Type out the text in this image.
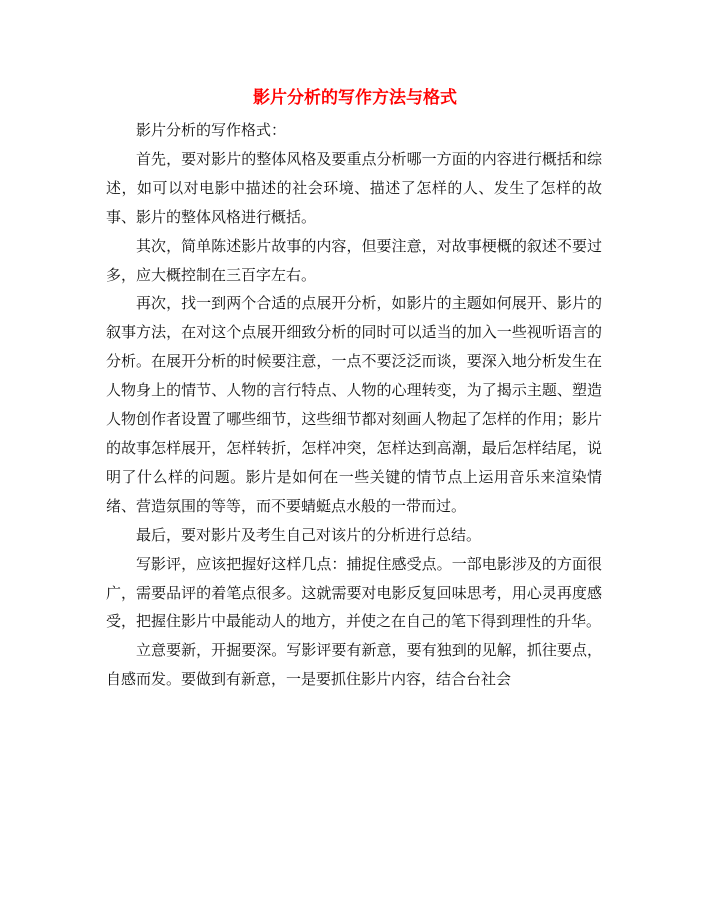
影片分析的写作方法与格式

影片分析的写作格式：

首先，要对影片的整体风格及要重点分析哪一方面的内容进行概括和综述，如可以对电影中描述的社会环境、描述了怎样的人、发生了怎样的故事、影片的整体风格进行概括。

其次，简单陈述影片故事的内容，但要注意，对故事梗概的叙述不要过多，应大概控制在三百字左右。

再次，找一到两个合适的点展开分析，如影片的主题如何展开、影片的叙事方法，在对这个点展开细致分析的同时可以适当的加入一些视听语言的分析。在展开分析的时候要注意，一点不要泛泛而谈，要深入地分析发生在人物身上的情节、人物的言行特点、人物的心理转变，为了揭示主题、塑造人物创作者设置了哪些细节，这些细节都对刻画人物起了怎样的作用；影片的故事怎样展开，怎样转折，怎样冲突，怎样达到高潮，最后怎样结尾，说明了什么样的问题。影片是如何在一些关键的情节点上运用音乐来渲染情绪、营造氛围的等等，而不要蜻蜓点水般的一带而过。

最后，要对影片及考生自己对该片的分析进行总结。

写影评，应该把握好这样几点：捕捉住感受点。一部电影涉及的方面很广，需要品评的着笔点很多。这就需要对电影反复回味思考，用心灵再度感受，把握住影片中最能动人的地方，并使之在自己的笔下得到理性的升华。

立意要新，开掘要深。写影评要有新意，要有独到的见解，抓往要点，自感而发。要做到有新意，一是要抓住影片内容，结合台社会
